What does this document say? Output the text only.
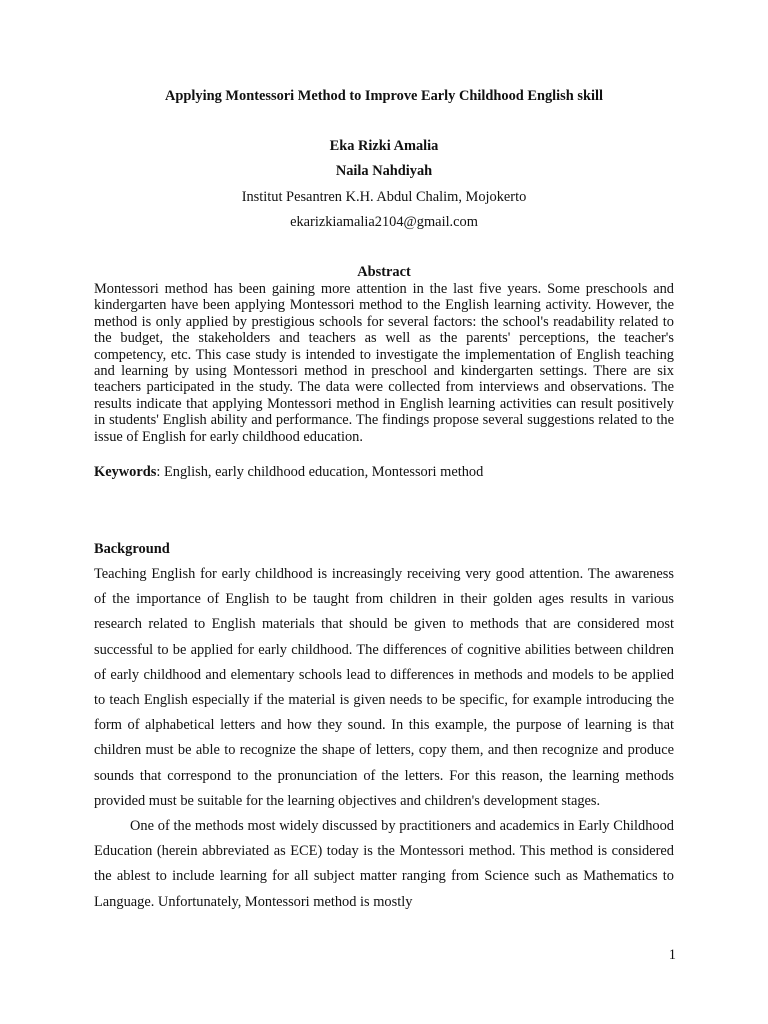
Applying Montessori Method to Improve Early Childhood English skill
Eka Rizki Amalia
Naila Nahdiyah
Institut Pesantren K.H. Abdul Chalim, Mojokerto
ekarizkiamalia2104@gmail.com
Abstract

Montessori method has been gaining more attention in the last five years. Some preschools and kindergarten have been applying Montessori method to the English learning activity. However, the method is only applied by prestigious schools for several factors: the school's readability related to the budget, the stakeholders and teachers as well as the parents' perceptions, the teacher's competency, etc. This case study is intended to investigate the implementation of English teaching and learning by using Montessori method in preschool and kindergarten settings. There are six teachers participated in the study. The data were collected from interviews and observations. The results indicate that applying Montessori method in English learning activities can result positively in students' English ability and performance. The findings propose several suggestions related to the issue of English for early childhood education.

Keywords: English, early childhood education, Montessori method

Background

Teaching English for early childhood is increasingly receiving very good attention. The awareness of the importance of English to be taught from children in their golden ages results in various research related to English materials that should be given to methods that are considered most successful to be applied for early childhood. The differences of cognitive abilities between children of early childhood and elementary schools lead to differences in methods and models to be applied to teach English especially if the material is given needs to be specific, for example introducing the form of alphabetical letters and how they sound. In this example, the purpose of learning is that children must be able to recognize the shape of letters, copy them, and then recognize and produce sounds that correspond to the pronunciation of the letters. For this reason, the learning methods provided must be suitable for the learning objectives and children's development stages.

One of the methods most widely discussed by practitioners and academics in Early Childhood Education (herein abbreviated as ECE) today is the Montessori method. This method is considered the ablest to include learning for all subject matter ranging from Science such as Mathematics to Language. Unfortunately, Montessori method is mostly

1
